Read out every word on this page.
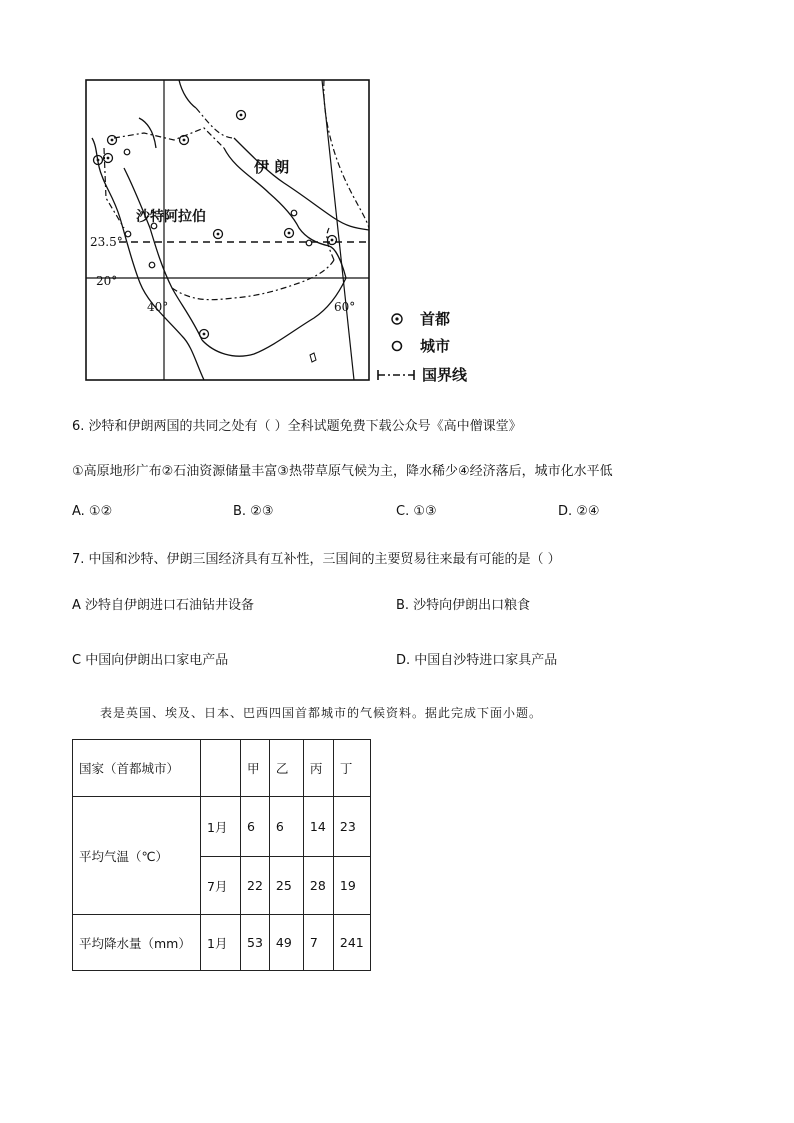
伊 朗
沙特阿拉伯
23.5°
20°
40°	60°
首都
城市
国界线
6. 沙特和伊朗两国的共同之处有（ ）全科试题免费下载公众号《高中僧课堂》
①高原地形广布②石油资源储量丰富③热带草原气候为主，降水稀少④经济落后，城市化水平低
A. ①②	B. ②③	C. ①③	D. ②④
7. 中国和沙特、伊朗三国经济具有互补性，三国间的主要贸易往来最有可能的是（ ）
A 沙特自伊朗进口石油钻井设备	B. 沙特向伊朗出口粮食
C 中国向伊朗出口家电产品	D. 中国自沙特进口家具产品
表是英国、埃及、日本、巴西四国首都城市的气候资料。据此完成下面小题。
国家（首都城市）		甲	乙	丙	丁
平均气温（℃）	1月	6	6	14	23
	7月	22	25	28	19
平均降水量（mm）	1月	53	49	7	241
